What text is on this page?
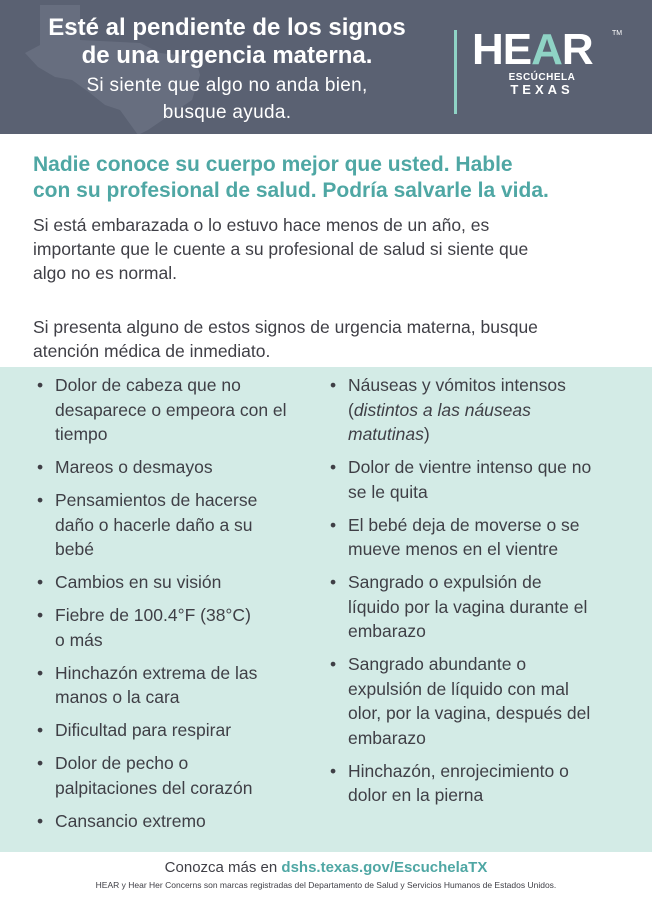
Esté al pendiente de los signos
de una urgencia materna.
Si siente que algo no anda bien,
busque ayuda.
HEAR	TM
ESCÚCHELA
TEXAS
Nadie conoce su cuerpo mejor que usted. Hable
con su profesional de salud. Podría salvarle la vida.
Si está embarazada o lo estuvo hace menos de un año, es
importante que le cuente a su profesional de salud si siente que
algo no es normal.
Si presenta alguno de estos signos de urgencia materna, busque
atención médica de inmediato.
• Dolor de cabeza que no
desaparece o empeora con el
tiempo
• Mareos o desmayos
• Pensamientos de hacerse
daño o hacerle daño a su
bebé
• Cambios en su visión
• Fiebre de 100.4°F (38°C)
o más
• Hinchazón extrema de las
manos o la cara
• Dificultad para respirar
• Dolor de pecho o
palpitaciones del corazón
• Cansancio extremo
• Náuseas y vómitos intensos
(distintos a las náuseas
matutinas)
• Dolor de vientre intenso que no
se le quita
• El bebé deja de moverse o se
mueve menos en el vientre
• Sangrado o expulsión de
líquido por la vagina durante el
embarazo
• Sangrado abundante o
expulsión de líquido con mal
olor, por la vagina, después del
embarazo
• Hinchazón, enrojecimiento o
dolor en la pierna
Conozca más en dshs.texas.gov/EscuchelaTX
HEAR y Hear Her Concerns son marcas registradas del Departamento de Salud y Servicios Humanos de Estados Unidos.
